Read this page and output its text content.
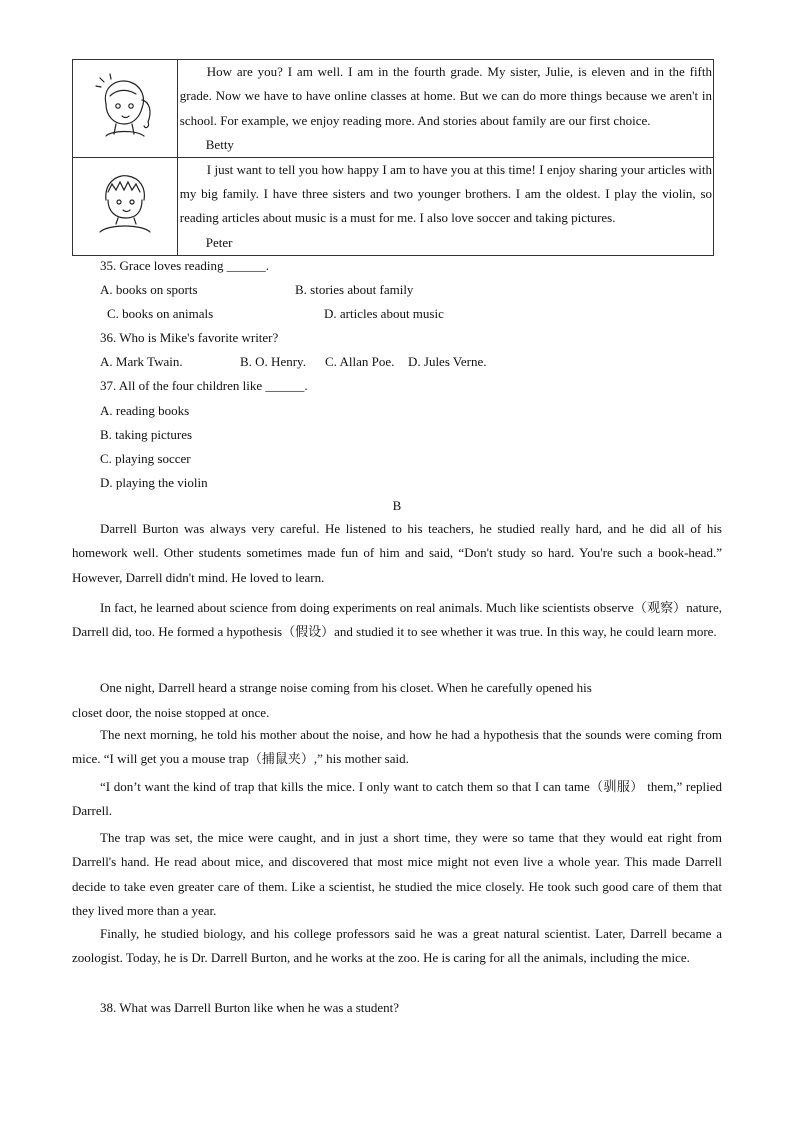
How are you? I am well. I am in the fourth grade. My sister, Julie, is eleven and in the fifth grade. Now we have to have online classes at home. But we can do more things because we aren't in school. For example, we enjoy reading more. And stories about family are our first choice.

Betty

I just want to tell you how happy I am to have you at this time! I enjoy sharing your articles with my big family. I have three sisters and two younger brothers. I am the oldest. I play the violin, so reading articles about music is a must for me. I also love soccer and taking pictures.

Peter

35. Grace loves reading ______.

A. books on sports	B. stories about family

C. books on animals	D. articles about music

36. Who is Mike's favorite writer?

A. Mark Twain.	B. O. Henry. C. Allan Poe. D. Jules Verne.

37. All of the four children like ______.

A. reading books

B. taking pictures

C. playing soccer

D. playing the violin

B

Darrell Burton was always very careful. He listened to his teachers, he studied really hard, and he did all of his homework well. Other students sometimes made fun of him and said, “Don't study so hard. You're such a book-head.” However, Darrell didn't mind. He loved to learn.

In fact, he learned about science from doing experiments on real animals. Much like scientists observe（观察）nature, Darrell did, too. He formed a hypothesis（假设）and studied it to see whether it was true. In this way, he could learn more.

One night, Darrell heard a strange noise coming from his closet. When he carefully opened his

closet door, the noise stopped at once.

The next morning, he told his mother about the noise, and how he had a hypothesis that the sounds were coming from mice. “I will get you a mouse trap（捕鼠夹）,” his mother said.

“I don’t want the kind of trap that kills the mice. I only want to catch them so that I can tame（驯服） them,” replied Darrell.

The trap was set, the mice were caught, and in just a short time, they were so tame that they would eat right from Darrell's hand. He read about mice, and discovered that most mice might not even live a whole year. This made Darrell decide to take even greater care of them. Like a scientist, he studied the mice closely. He took such good care of them that they lived more than a year.

Finally, he studied biology, and his college professors said he was a great natural scientist. Later, Darrell became a zoologist. Today, he is Dr. Darrell Burton, and he works at the zoo. He is caring for all the animals, including the mice.

38. What was Darrell Burton like when he was a student?
